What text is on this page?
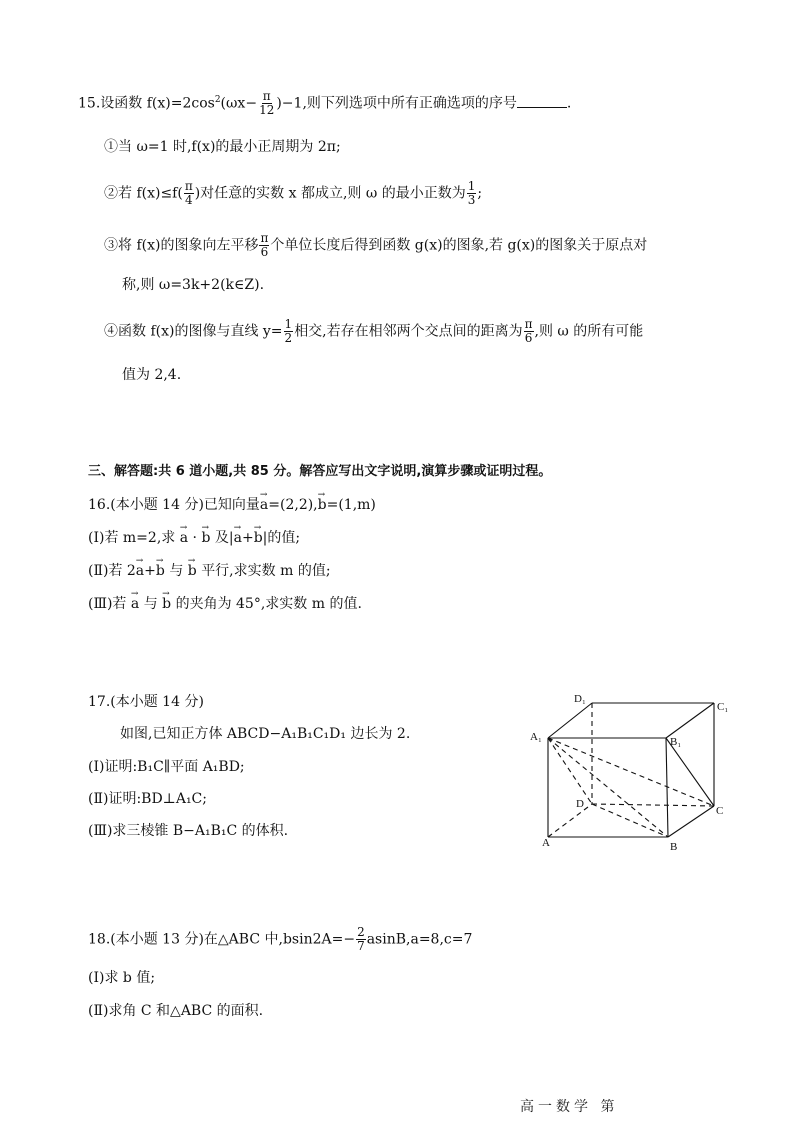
15.设函数 $f(x)=2\cos^2(\omega x- \frac{\pi}{12} )-1$,则下列选项中所有正确选项的序号	.
①当 ω=1 时,f(x)的最小正周期为 2π;
②若 $f(x)\le f( \frac{\pi}{4}$ )对任意的实数 x 都成立,则 ω 的最小正数为 $\frac{1}{3}$ ;
③将 f(x)的图象向左平移 $\frac{\pi}{6}$ 个单位长度后得到函数 g(x)的图象,若 g(x)的图象关于原点对
称,则 ω=3k+2(k∈Z).
④函数 f(x)的图像与直线 $y= \frac{1}{2}$ 相交,若存在相邻两个交点间的距离为 $\frac{\pi}{6}$ ,则 ω 的所有可能
值为 2,4.
三、解答题:共 6 道小题,共 85 分。解答应写出文字说明,演算步骤或证明过程。
16.(本小题 14 分)已知向量→ a=(2,2),→ b=(1,m)
(Ⅰ)若 m=2,求 → a · → b 及|→ a+→ b|的值;
(Ⅱ)若 2→ a+→ b 与 → b 平行,求实数 m 的值;
(Ⅲ)若 → a 与 → b 的夹角为 45°,求实数 m 的值.
17.(本小题 14 分)
如图,已知正方体 ABCD−A₁B₁C₁D₁ 边长为 2.
(Ⅰ)证明:B₁C∥平面 A₁BD;
(Ⅱ)证明:BD⊥A₁C;
(Ⅲ)求三棱锥 B−A₁B₁C 的体积.
D₁
C₁
A₁	B₁
D
C
A	B
18.(本小题 13 分)在△ABC 中$,bsin2A=- \frac{2}{7} asinB,a=8,c=7$
(Ⅰ)求 b 值;
(Ⅱ)求角 C 和△ABC 的面积.
高一数学 第
